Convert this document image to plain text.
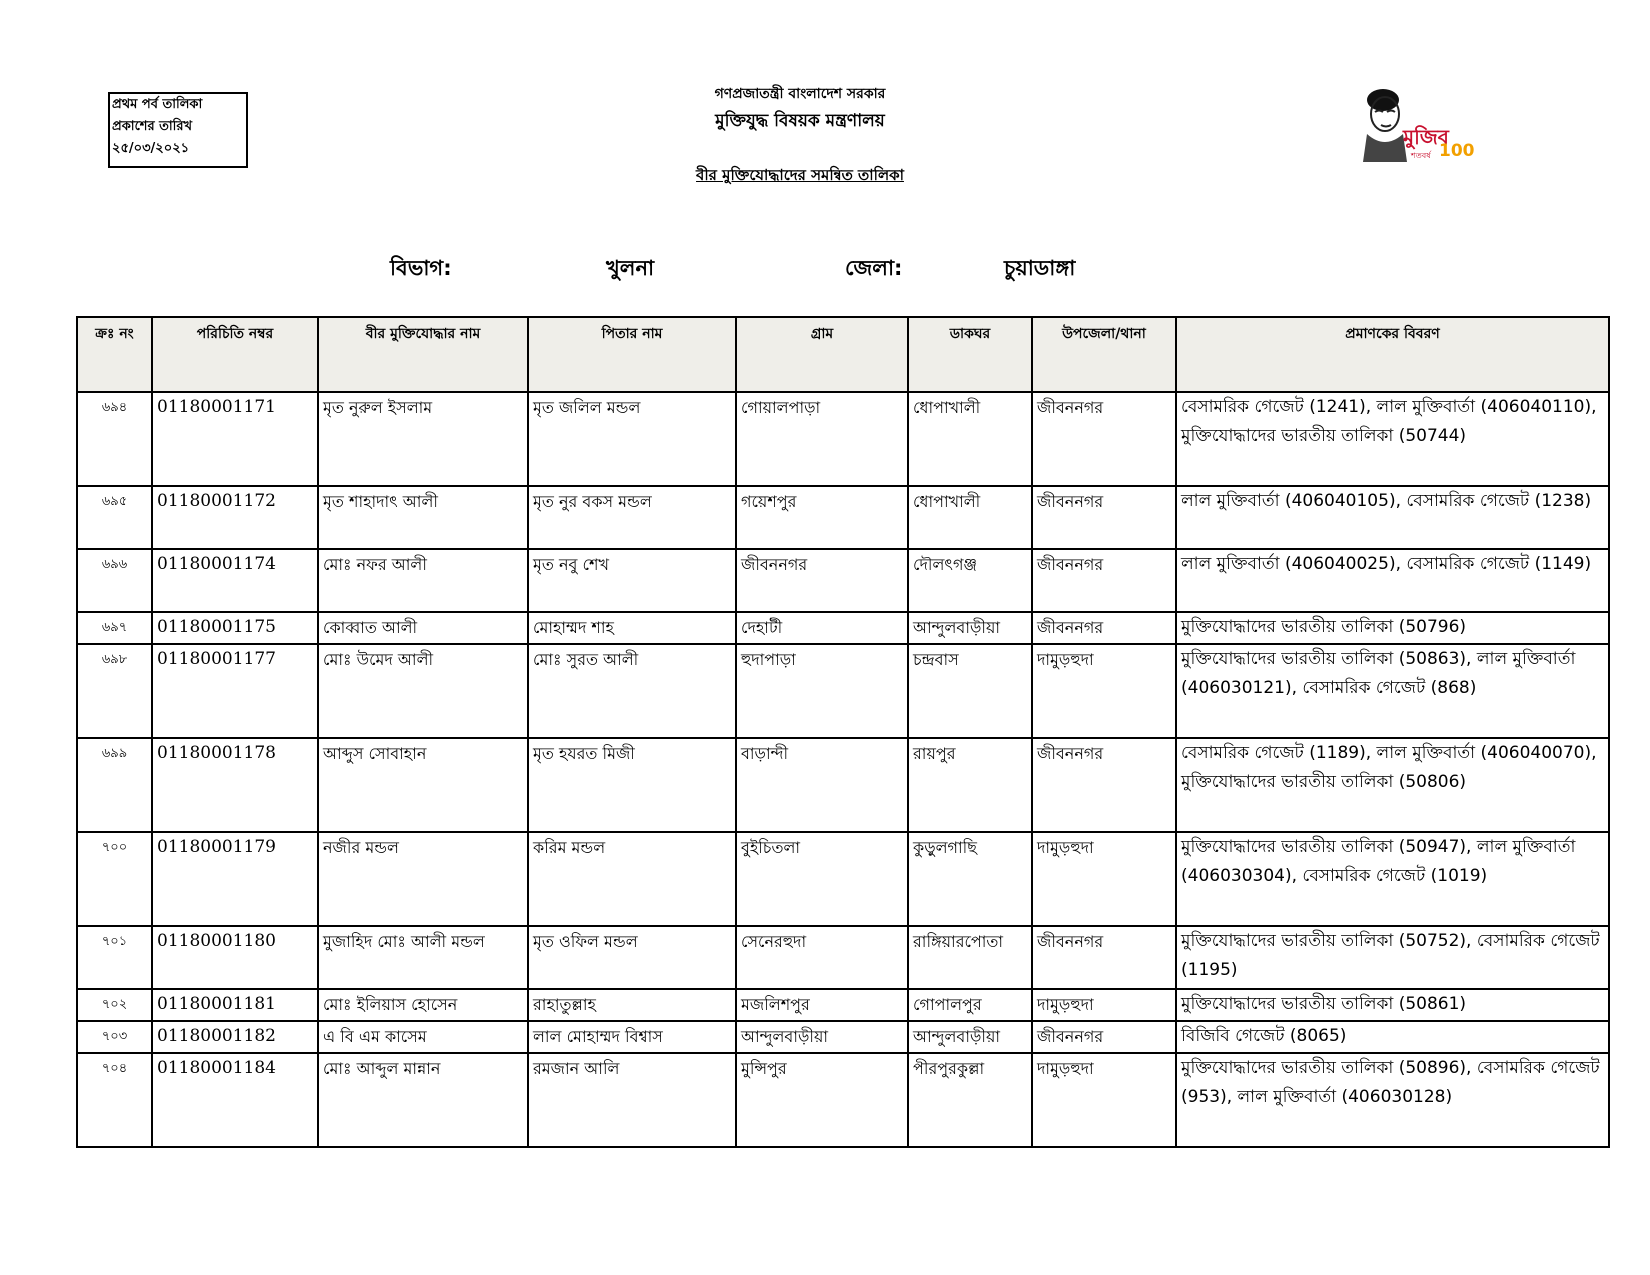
প্রথম পর্ব তালিকা
প্রকাশের তারিখ
২৫/০৩/২০২১
গণপ্রজাতন্ত্রী বাংলাদেশ সরকার
মুক্তিযুদ্ধ বিষয়ক মন্ত্রণালয়
বীর মুক্তিযোদ্ধাদের সমন্বিত তালিকা
মুজিব
100
শতবর্ষ
বিভাগ:	খুলনা	জেলা:	চুয়াডাঙ্গা
ক্রঃ নং	পরিচিতি নম্বর	বীর মুক্তিযোদ্ধার নাম	পিতার নাম	গ্রাম	ডাকঘর	উপজেলা/থানা	প্রমাণকের বিবরণ
৬৯৪	01180001171	মৃত নুরুল ইসলাম	মৃত জলিল মন্ডল	গোয়ালপাড়া	ধোপাখালী	জীবননগর	বেসামরিক গেজেট (1241), লাল মুক্তিবার্তা (406040110), মুক্তিযোদ্ধাদের ভারতীয় তালিকা (50744)
৬৯৫	01180001172	মৃত শাহাদাৎ আলী	মৃত নুর বকস মন্ডল	গয়েশপুর	ধোপাখালী	জীবননগর	লাল মুক্তিবার্তা (406040105), বেসামরিক গেজেট (1238)
৬৯৬	01180001174	মোঃ নফর আলী	মৃত নবু শেখ	জীবননগর	দৌলৎগঞ্জ	জীবননগর	লাল মুক্তিবার্তা (406040025), বেসামরিক গেজেট (1149)
৬৯৭	01180001175	কোব্বাত আলী	মোহাম্মদ শাহ	দেহাটী	আন্দুলবাড়ীয়া	জীবননগর	মুক্তিযোদ্ধাদের ভারতীয় তালিকা (50796)
৬৯৮	01180001177	মোঃ উমেদ আলী	মোঃ সুরত আলী	হুদাপাড়া	চন্দ্রবাস	দামুড়হুদা	মুক্তিযোদ্ধাদের ভারতীয় তালিকা (50863), লাল মুক্তিবার্তা (406030121), বেসামরিক গেজেট (868)
৬৯৯	01180001178	আব্দুস সোবাহান	মৃত হযরত মিজী	বাড়ান্দী	রায়পুর	জীবননগর	বেসামরিক গেজেট (1189), লাল মুক্তিবার্তা (406040070), মুক্তিযোদ্ধাদের ভারতীয় তালিকা (50806)
৭০০	01180001179	নজীর মন্ডল	করিম মন্ডল	বুইচিতলা	কুড়ুলগাছি	দামুড়হুদা	মুক্তিযোদ্ধাদের ভারতীয় তালিকা (50947), লাল মুক্তিবার্তা (406030304), বেসামরিক গেজেট (1019)
৭০১	01180001180	মুজাহিদ মোঃ আলী মন্ডল	মৃত ওফিল মন্ডল	সেনেরহুদা	রাঙ্গিয়ারপোতা	জীবননগর	মুক্তিযোদ্ধাদের ভারতীয় তালিকা (50752), বেসামরিক গেজেট (1195)
৭০২	01180001181	মোঃ ইলিয়াস হোসেন	রাহাতুল্লাহ	মজলিশপুর	গোপালপুর	দামুড়হুদা	মুক্তিযোদ্ধাদের ভারতীয় তালিকা (50861)
৭০৩	01180001182	এ বি এম কাসেম	লাল মোহাম্মদ বিশ্বাস	আন্দুলবাড়ীয়া	আন্দুলবাড়ীয়া	জীবননগর	বিজিবি গেজেট (8065)
৭০৪	01180001184	মোঃ আব্দুল মান্নান	রমজান আলি	মুন্সিপুর	পীরপুরকুল্লা	দামুড়হুদা	মুক্তিযোদ্ধাদের ভারতীয় তালিকা (50896), বেসামরিক গেজেট (953), লাল মুক্তিবার্তা (406030128)
